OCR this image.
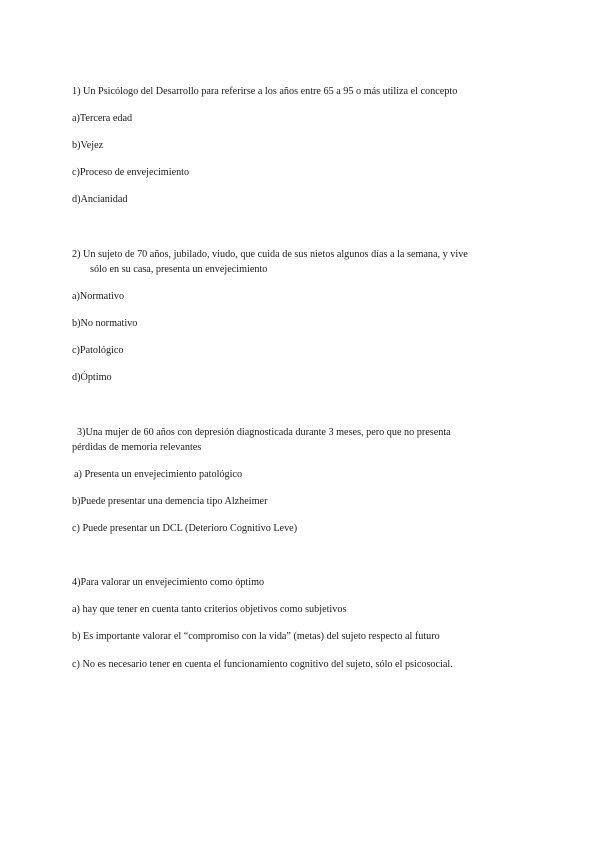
1) Un Psicólogo del Desarrollo para referirse a los años entre 65 a 95 o más utiliza el concepto
a)Tercera edad
b)Vejez
c)Proceso de envejecimiento
d)Ancianidad
2) Un sujeto de 70 años, jubilado, viudo, que cuida de sus nietos algunos días a la semana, y vive
sólo en su casa, presenta un envejecimiento
a)Normativo
b)No normativo
c)Patológico
d)Óptimo
3)Una mujer de 60 años con depresión diagnosticada durante 3 meses, pero que no presenta
pérdidas de memoria relevantes
a) Presenta un envejecimiento patológico
b)Puede presentar una demencia tipo Alzheimer
c) Puede presentar un DCL (Deterioro Cognitivo Leve)
4)Para valorar un envejecimiento como óptimo
a) hay que tener en cuenta tanto criterios objetivos como subjetivos
b) Es importante valorar el “compromiso con la vida” (metas) del sujeto respecto al futuro
c) No es necesario tener en cuenta el funcionamiento cognitivo del sujeto, sólo el psicosocial.
